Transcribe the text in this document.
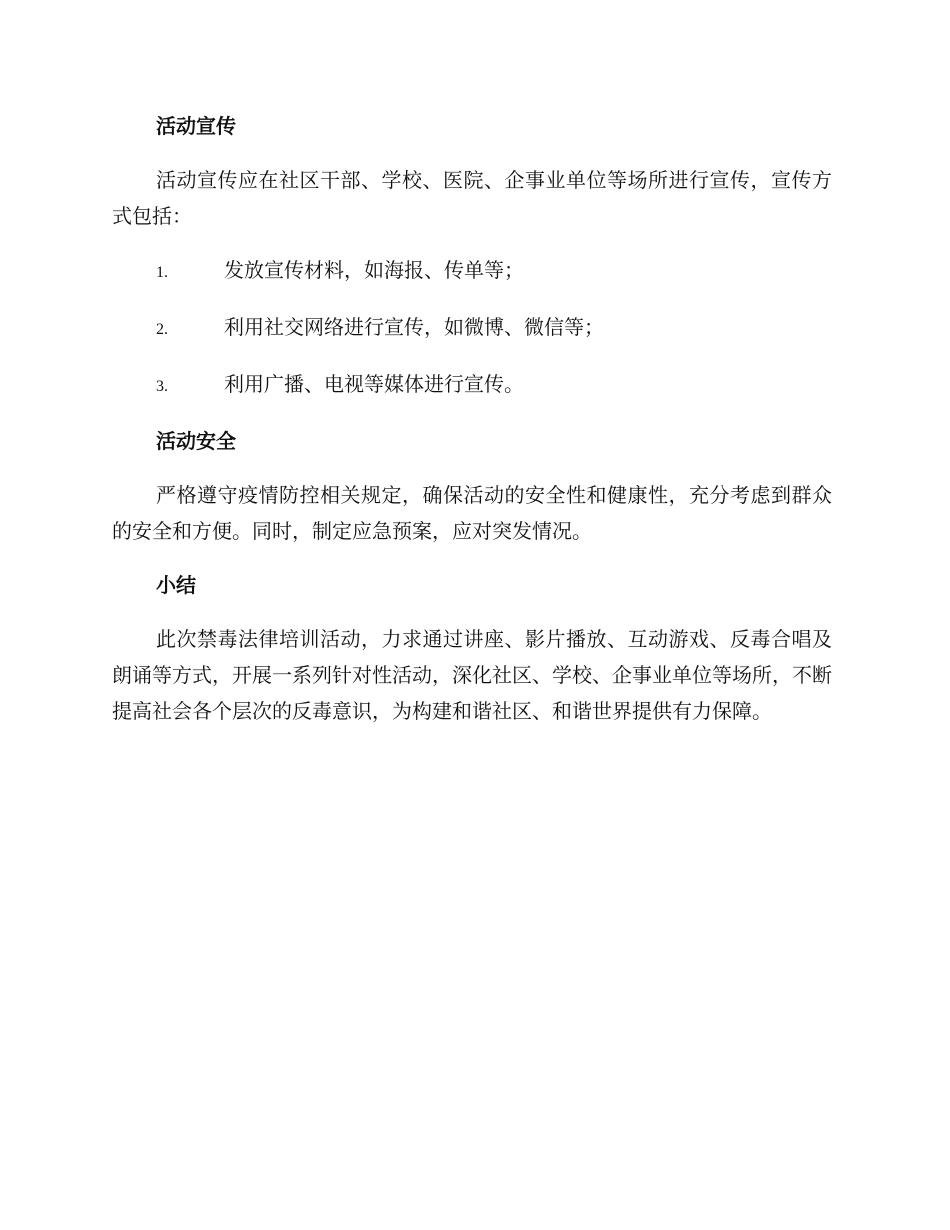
活动宣传

活动宣传应在社区干部、学校、医院、企事业单位等场所进行宣传，宣传方式包括：

1.	发放宣传材料，如海报、传单等；
2.	利用社交网络进行宣传，如微博、微信等；
3.	利用广播、电视等媒体进行宣传。
活动安全

严格遵守疫情防控相关规定，确保活动的安全性和健康性，充分考虑到群众的安全和方便。同时，制定应急预案，应对突发情况。

小结

此次禁毒法律培训活动，力求通过讲座、影片播放、互动游戏、反毒合唱及朗诵等方式，开展一系列针对性活动，深化社区、学校、企事业单位等场所，不断提高社会各个层次的反毒意识，为构建和谐社区、和谐世界提供有力保障。
